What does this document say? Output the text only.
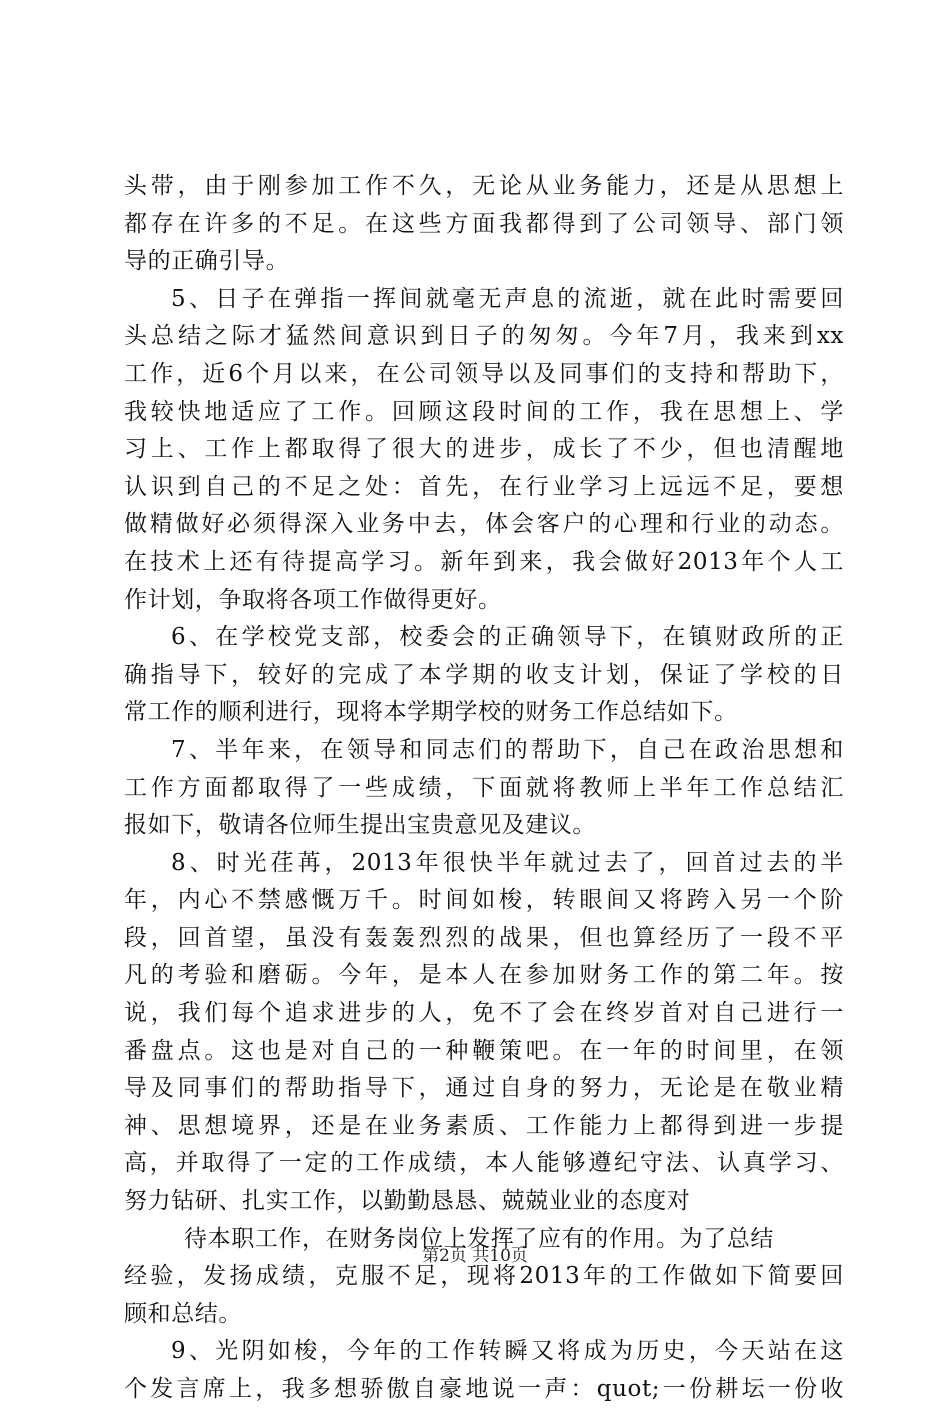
头带，由于刚参加工作不久，无论从业务能力，还是从思想上
都存在许多的不足。在这些方面我都得到了公司领导、部门领
导的正确引导。
5、日子在弹指一挥间就毫无声息的流逝，就在此时需要回
头总结之际才猛然间意识到日子的匆匆。今年7月，我来到xx
工作，近6个月以来，在公司领导以及同事们的支持和帮助下，
我较快地适应了工作。回顾这段时间的工作，我在思想上、学
习上、工作上都取得了很大的进步，成长了不少，但也清醒地
认识到自己的不足之处：首先，在行业学习上远远不足，要想
做精做好必须得深入业务中去，体会客户的心理和行业的动态。
在技术上还有待提高学习。新年到来，我会做好2013年个人工
作计划，争取将各项工作做得更好。
6、在学校党支部，校委会的正确领导下，在镇财政所的正
确指导下，较好的完成了本学期的收支计划，保证了学校的日
常工作的顺利进行，现将本学期学校的财务工作总结如下。
7、半年来，在领导和同志们的帮助下，自己在政治思想和
工作方面都取得了一些成绩，下面就将教师上半年工作总结汇
报如下，敬请各位师生提出宝贵意见及建议。
8、时光荏苒，2013年很快半年就过去了，回首过去的半
年，内心不禁感慨万千。时间如梭，转眼间又将跨入另一个阶
段，回首望，虽没有轰轰烈烈的战果，但也算经历了一段不平
凡的考验和磨砺。今年，是本人在参加财务工作的第二年。按
说，我们每个追求进步的人，免不了会在终岁首对自己进行一
番盘点。这也是对自己的一种鞭策吧。在一年的时间里，在领
导及同事们的帮助指导下，通过自身的努力，无论是在敬业精
神、思想境界，还是在业务素质、工作能力上都得到进一步提
高，并取得了一定的工作成绩，本人能够遵纪守法、认真学习、
努力钻研、扎实工作，以勤勤恳恳、兢兢业业的态度对
待本职工作，在财务岗位上发挥了应有的作用。为了总结
经验，发扬成绩，克服不足，现将2013年的工作做如下简要回
顾和总结。
9、光阴如梭，今年的工作转瞬又将成为历史，今天站在这
个发言席上，我多想骄傲自豪地说一声：quot;一份耕坛一份收
第2页 共10页
